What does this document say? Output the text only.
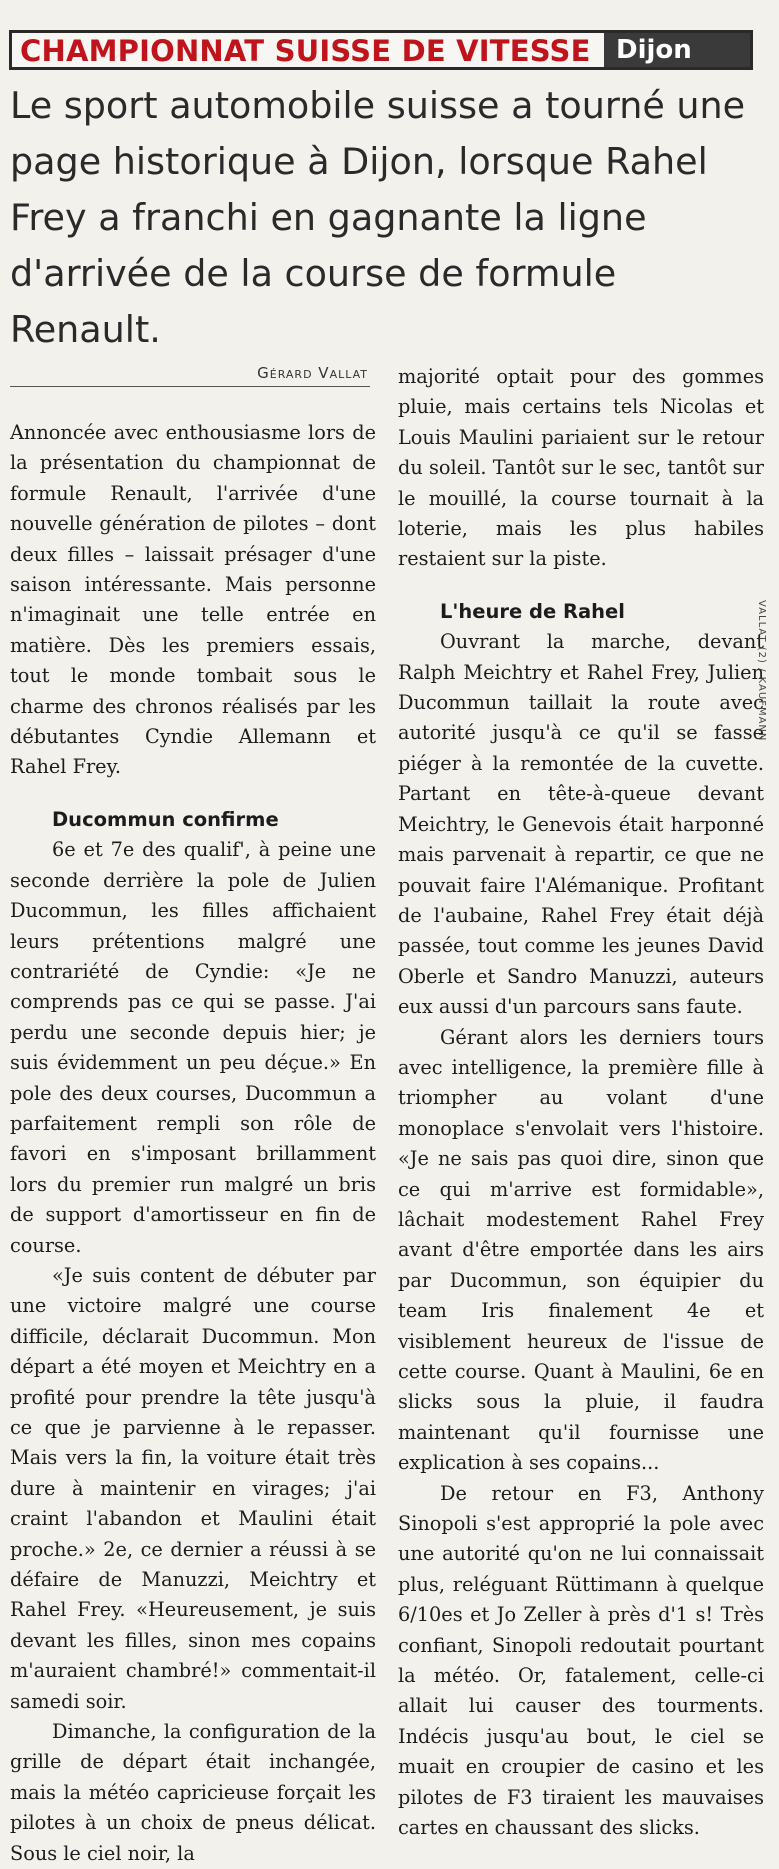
CHAMPIONNAT SUISSE DE VITESSE Dijon

Le sport automobile suisse a tourné une page historique à Dijon, lorsque Rahel Frey a franchi en gagnante la ligne d'arrivée de la course de formule Renault.

Gérard Vallat

Annoncée avec enthousiasme lors de la présentation du championnat de formule Renault, l'arrivée d'une nouvelle génération de pilotes – dont deux filles – laissait présager d'une saison intéressante. Mais personne n'imaginait une telle entrée en matière. Dès les premiers essais, tout le monde tombait sous le charme des chronos réalisés par les débutantes Cyndie Allemann et Rahel Frey.

Ducommun confirme

6e et 7e des qualif', à peine une seconde derrière la pole de Julien Ducommun, les filles affichaient leurs prétentions malgré une contrariété de Cyndie: «Je ne comprends pas ce qui se passe. J'ai perdu une seconde depuis hier; je suis évidemment un peu déçue.» En pole des deux courses, Ducommun a parfaitement rempli son rôle de favori en s'imposant brillamment lors du premier run malgré un bris de support d'amortisseur en fin de course.

«Je suis content de débuter par une victoire malgré une course difficile, déclarait Ducommun. Mon départ a été moyen et Meichtry en a profité pour prendre la tête jusqu'à ce que je parvienne à le repasser. Mais vers la fin, la voiture était très dure à maintenir en virages; j'ai craint l'abandon et Maulini était proche.» 2e, ce dernier a réussi à se défaire de Manuzzi, Meichtry et Rahel Frey. «Heureusement, je suis devant les filles, sinon mes copains m'auraient chambré!» commentait-il samedi soir.

Dimanche, la configuration de la grille de départ était inchangée, mais la météo capricieuse forçait les pilotes à un choix de pneus délicat. Sous le ciel noir, la

majorité optait pour des gommes pluie, mais certains tels Nicolas et Louis Maulini pariaient sur le retour du soleil. Tantôt sur le sec, tantôt sur le mouillé, la course tournait à la loterie, mais les plus habiles restaient sur la piste.

L'heure de Rahel

Ouvrant la marche, devant Ralph Meichtry et Rahel Frey, Julien Ducommun taillait la route avec autorité jusqu'à ce qu'il se fasse piéger à la remontée de la cuvette. Partant en tête-à-queue devant Meichtry, le Genevois était harponné mais parvenait à repartir, ce que ne pouvait faire l'Alémanique. Profitant de l'aubaine, Rahel Frey était déjà passée, tout comme les jeunes David Oberle et Sandro Manuzzi, auteurs eux aussi d'un parcours sans faute.

Gérant alors les derniers tours avec intelligence, la première fille à triompher au volant d'une monoplace s'envolait vers l'histoire. «Je ne sais pas quoi dire, sinon que ce qui m'arrive est formidable», lâchait modestement Rahel Frey avant d'être emportée dans les airs par Ducommun, son équipier du team Iris finalement 4e et visiblement heureux de l'issue de cette course. Quant à Maulini, 6e en slicks sous la pluie, il faudra maintenant qu'il fournisse une explication à ses copains...

De retour en F3, Anthony Sinopoli s'est approprié la pole avec une autorité qu'on ne lui connaissait plus, reléguant Rüttimann à quelque 6/10es et Jo Zeller à près d'1 s! Très confiant, Sinopoli redoutait pourtant la météo. Or, fatalement, celle-ci allait lui causer des tourments. Indécis jusqu'au bout, le ciel se muait en croupier de casino et les pilotes de F3 tiraient les mauvaises cartes en chaussant des slicks.

VALLAT (2) / KAUFMANN
